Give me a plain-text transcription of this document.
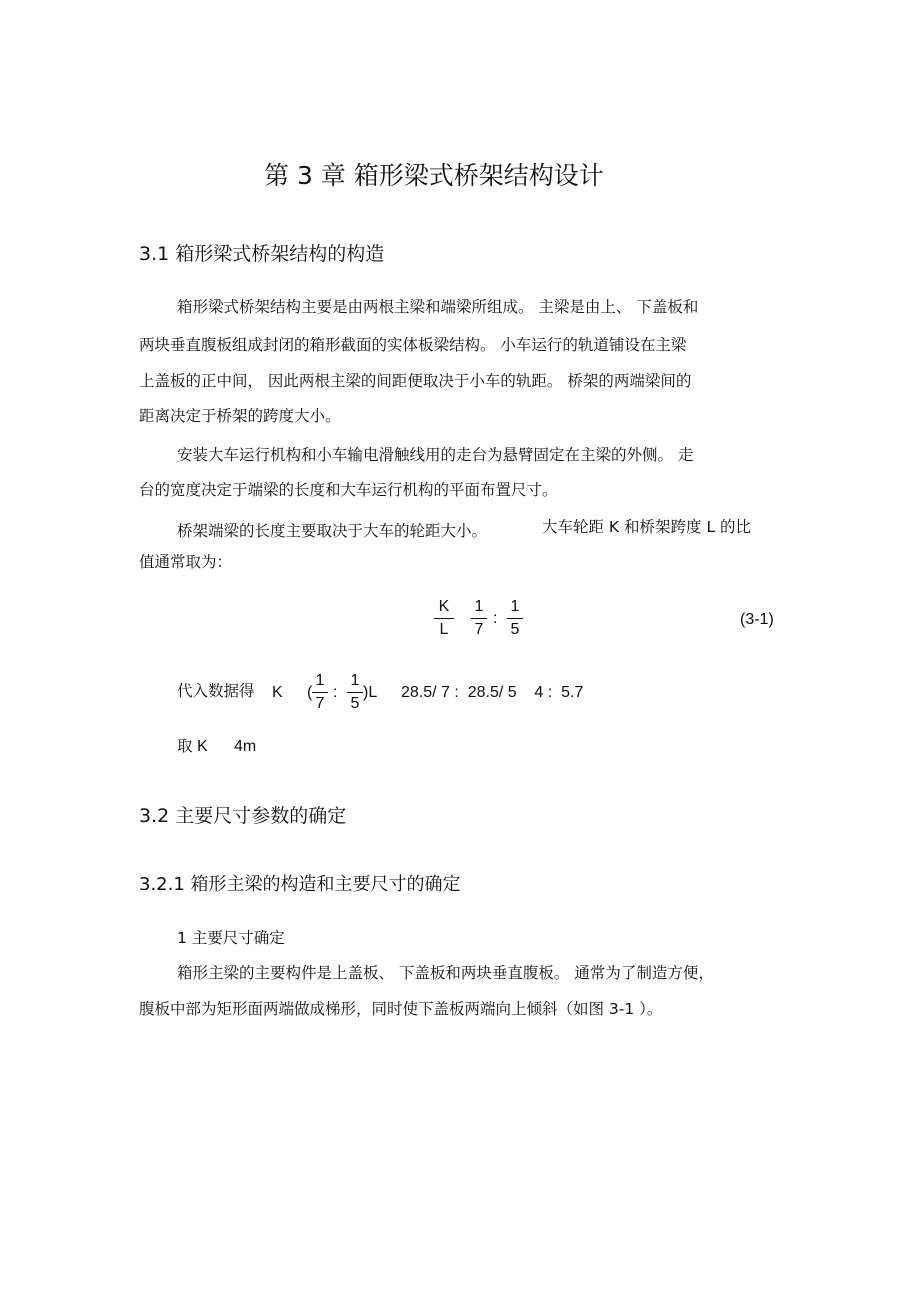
第 3 章 箱形梁式桥架结构设计
3.1 箱形梁式桥架结构的构造
箱形梁式桥架结构主要是由两根主梁和端梁所组成。 主梁是由上、 下盖板和
两块垂直腹板组成封闭的箱形截面的实体板梁结构。 小车运行的轨道铺设在主梁
上盖板的正中间， 因此两根主梁的间距便取决于小车的轨距。 桥架的两端梁间的
距离决定于桥架的跨度大小。
安装大车运行机构和小车输电滑触线用的走台为悬臂固定在主梁的外侧。 走
台的宽度决定于端梁的长度和大车运行机构的平面布置尺寸。
桥架端梁的长度主要取决于大车的轮距大小。	大车轮距 K 和桥架跨度 L 的比
值通常取为：
K
L
1
7
:
1
5
(3-1)
代入数据得 K (
1
7
:
1
5
)L 28.5/ 7 :  28.5/ 5    4 :  5.7
取 K 4m
3.2 主要尺寸参数的确定
3.2.1 箱形主梁的构造和主要尺寸的确定
1 主要尺寸确定
箱形主梁的主要构件是上盖板、 下盖板和两块垂直腹板。 通常为了制造方便，
腹板中部为矩形面两端做成梯形，同时使下盖板两端向上倾斜（如图 3-1 ）。
